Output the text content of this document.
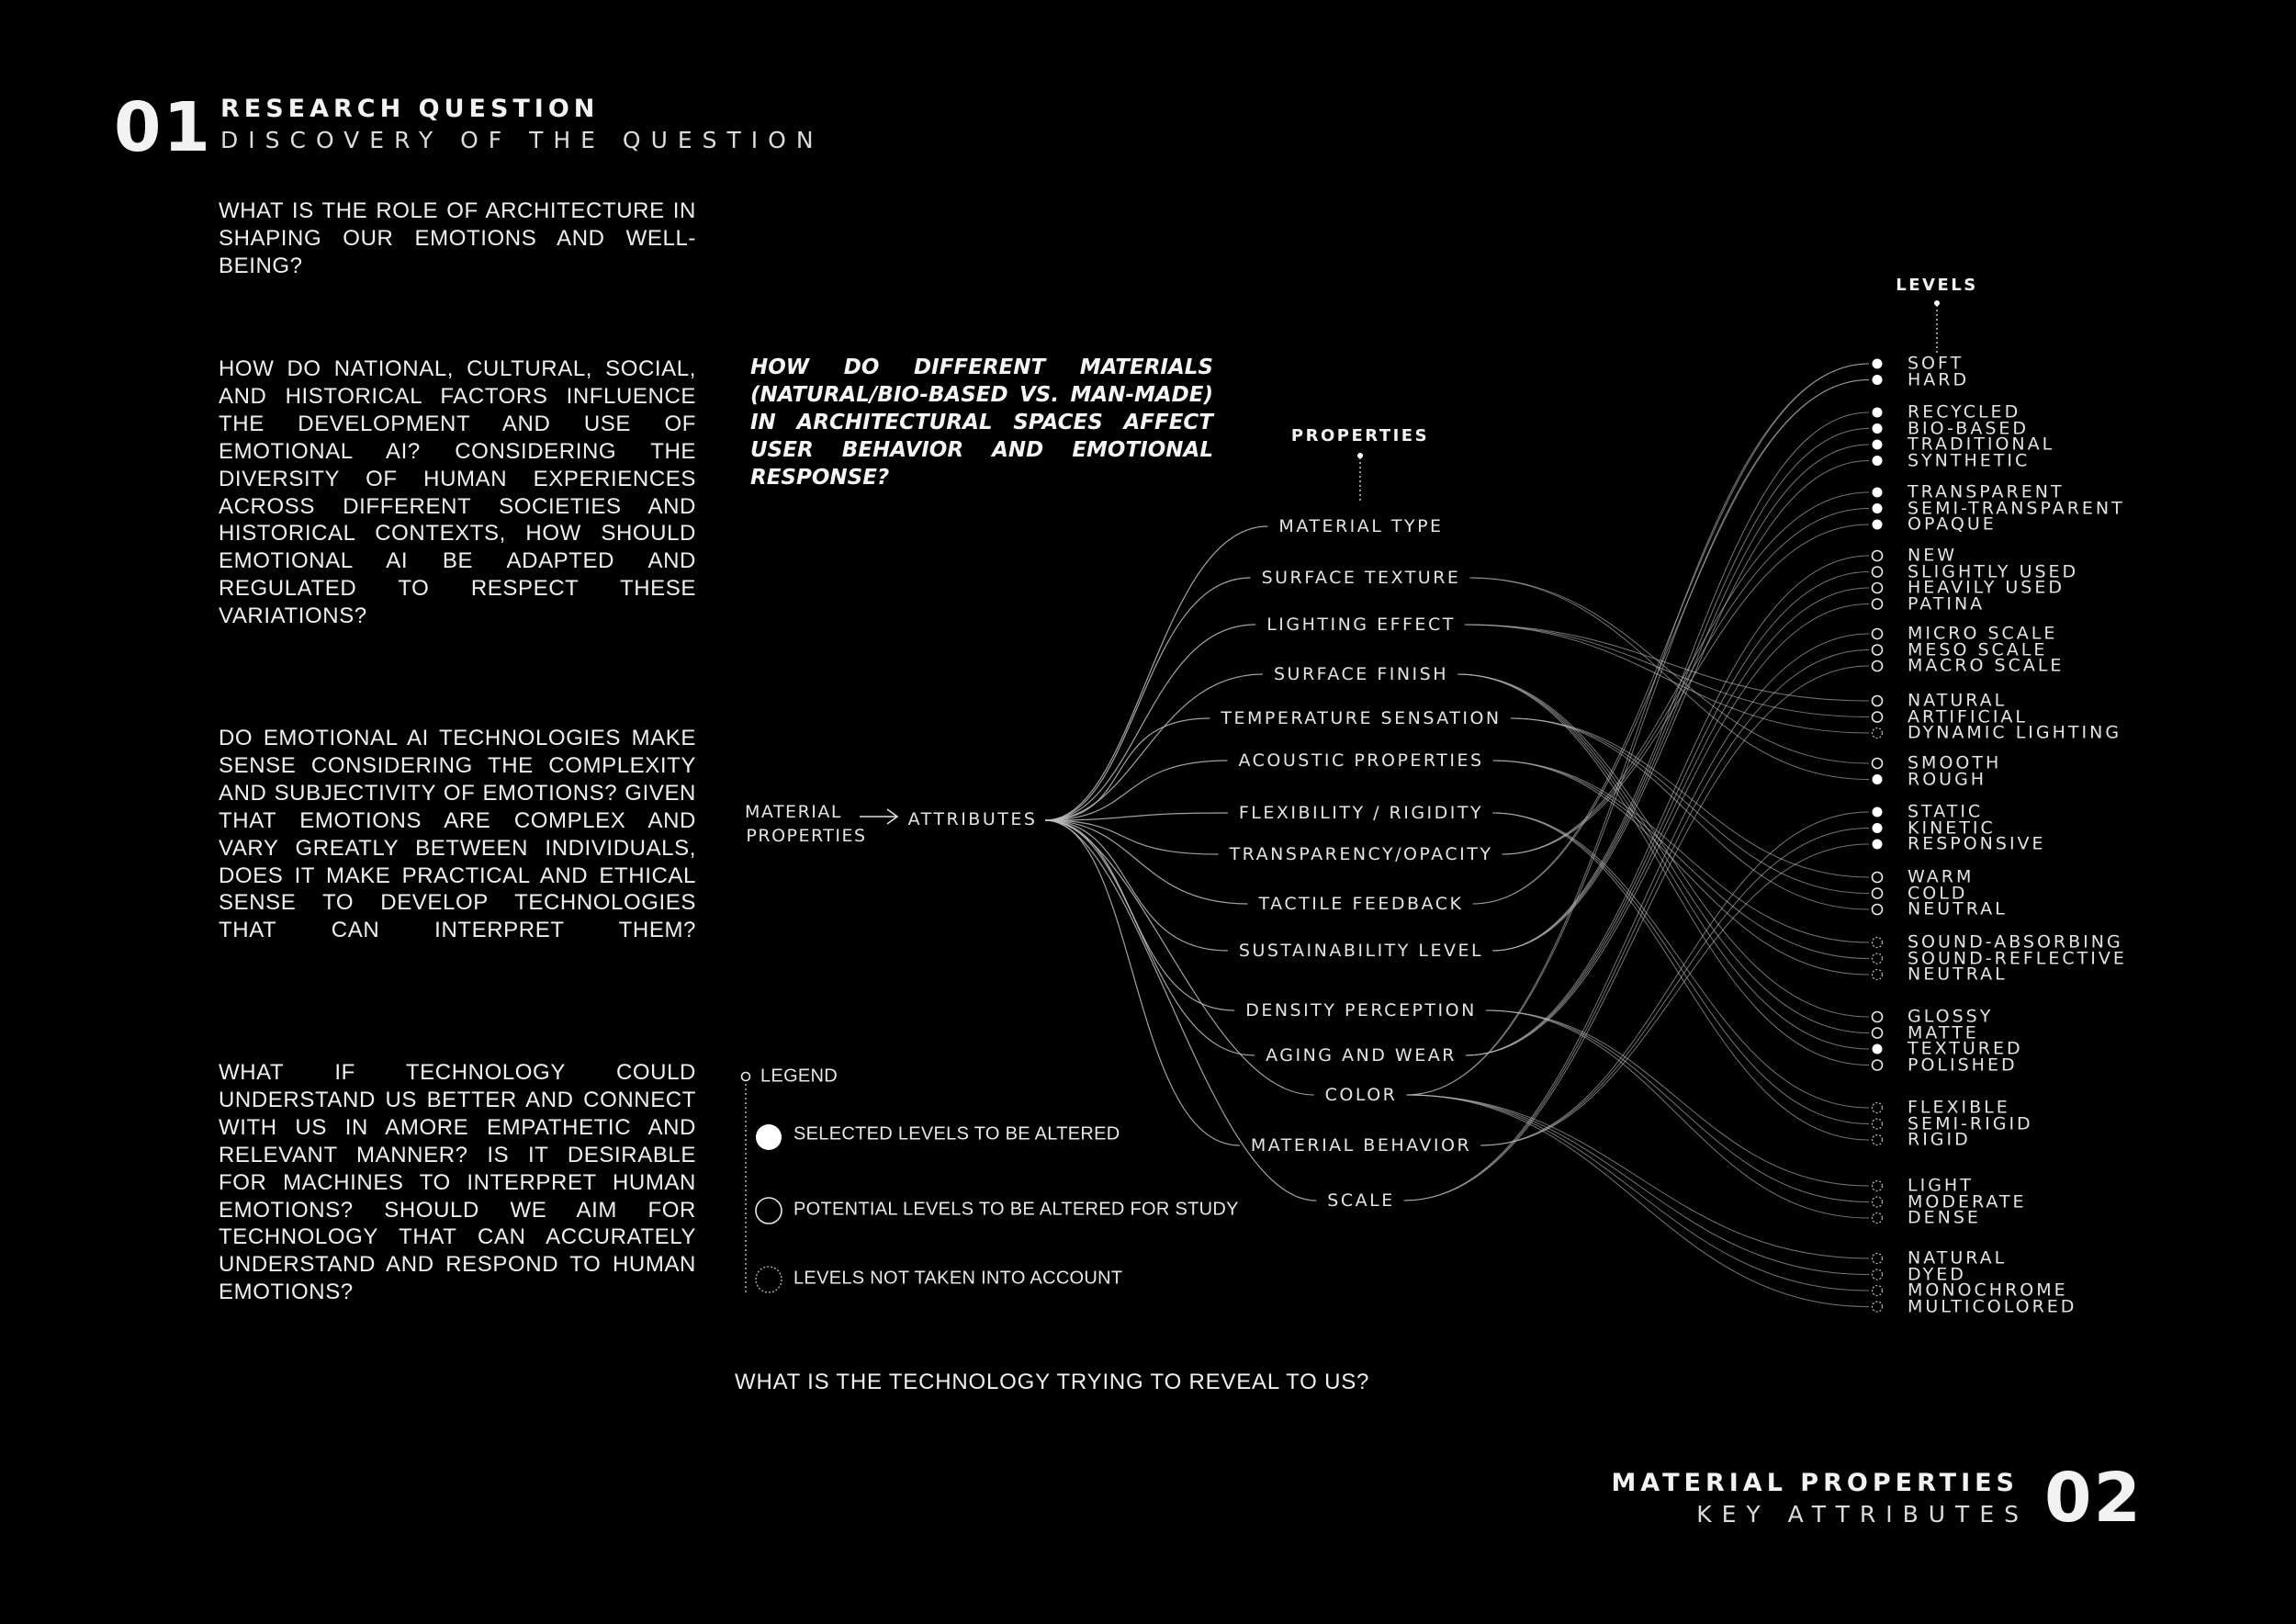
01 RESEARCH QUESTION
DISCOVERY OF THE QUESTION
WHAT IS THE ROLE OF ARCHITECTURE IN SHAPING OUR EMOTIONS AND WELL-BEING?
HOW DO NATIONAL, CULTURAL, SOCIAL, AND HISTORICAL FACTORS INFLUENCE THE DEVELOPMENT AND USE OF EMOTIONAL AI? CONSIDERING THE DIVERSITY OF HUMAN EXPERIENCES ACROSS DIFFERENT SOCIETIES AND HISTORICAL CONTEXTS, HOW SHOULD EMOTIONAL AI BE ADAPTED AND REGULATED TO RESPECT THESE VARIATIONS?
DO EMOTIONAL AI TECHNOLOGIES MAKE SENSE CONSIDERING THE COMPLEXITY AND SUBJECTIVITY OF EMOTIONS? GIVEN THAT EMOTIONS ARE COMPLEX AND VARY GREATLY BETWEEN INDIVIDUALS, DOES IT MAKE PRACTICAL AND ETHICAL SENSE TO DEVELOP TECHNOLOGIES THAT CAN INTERPRET THEM?
WHAT IF TECHNOLOGY COULD UNDERSTAND US BETTER AND CONNECT WITH US IN AMORE EMPATHETIC AND RELEVANT MANNER? IS IT DESIRABLE FOR MACHINES TO INTERPRET HUMAN EMOTIONS? SHOULD WE AIM FOR TECHNOLOGY THAT CAN ACCURATELY UNDERSTAND AND RESPOND TO HUMAN EMOTIONS?
HOW DO DIFFERENT MATERIALS (NATURAL/BIO-BASED VS. MAN-MADE) IN ARCHITECTURAL SPACES AFFECT USER BEHAVIOR AND EMOTIONAL RESPONSE?
MATERIAL
PROPERTIES
ATTRIBUTES
PROPERTIES
LEVELS
MATERIAL TYPE
SURFACE TEXTURE
LIGHTING EFFECT
SURFACE FINISH
TEMPERATURE SENSATION
ACOUSTIC PROPERTIES
FLEXIBILITY / RIGIDITY
TRANSPARENCY/OPACITY
TACTILE FEEDBACK
SUSTAINABILITY LEVEL
DENSITY PERCEPTION
AGING AND WEAR
COLOR
MATERIAL BEHAVIOR
SCALE
SOFT
HARD
RECYCLED
BIO-BASED
TRADITIONAL
SYNTHETIC
TRANSPARENT
SEMI-TRANSPARENT
OPAQUE
NEW
SLIGHTLY USED
HEAVILY USED
PATINA
MICRO SCALE
MESO SCALE
MACRO SCALE
NATURAL
ARTIFICIAL
DYNAMIC LIGHTING
SMOOTH
ROUGH
STATIC
KINETIC
RESPONSIVE
WARM
COLD
NEUTRAL
SOUND-ABSORBING
SOUND-REFLECTIVE
NEUTRAL
GLOSSY
MATTE
TEXTURED
POLISHED
FLEXIBLE
SEMI-RIGID
RIGID
LIGHT
MODERATE
DENSE
NATURAL
DYED
MONOCHROME
MULTICOLORED
LEGEND
SELECTED LEVELS TO BE ALTERED
POTENTIAL LEVELS TO BE ALTERED FOR STUDY
LEVELS NOT TAKEN INTO ACCOUNT
WHAT IS THE TECHNOLOGY TRYING TO REVEAL TO US?
MATERIAL PROPERTIES
KEY ATTRIBUTES 02
